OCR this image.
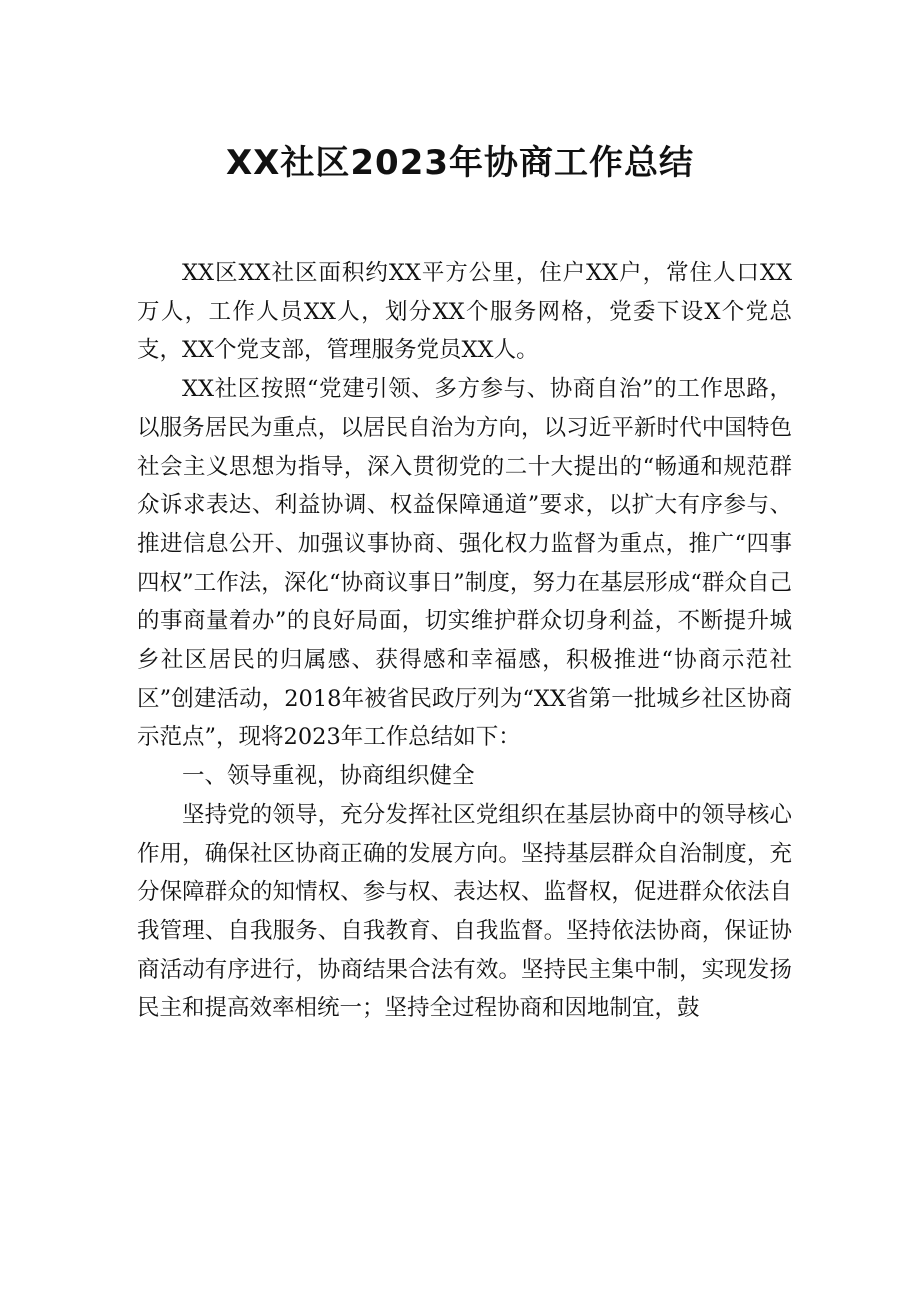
XX社区2023年协商工作总结

XX区XX社区面积约XX平方公里，住户XX户，常住人口XX万人，工作人员XX人，划分XX个服务网格，党委下设X个党总支，XX个党支部，管理服务党员XX人。

XX社区按照“党建引领、多方参与、协商自治”的工作思路，以服务居民为重点，以居民自治为方向，以习近平新时代中国特色社会主义思想为指导，深入贯彻党的二十大提出的“畅通和规范群众诉求表达、利益协调、权益保障通道”要求，以扩大有序参与、推进信息公开、加强议事协商、强化权力监督为重点，推广“四事四权”工作法，深化“协商议事日”制度，努力在基层形成“群众自己的事商量着办”的良好局面，切实维护群众切身利益，不断提升城乡社区居民的归属感、获得感和幸福感，积极推进“协商示范社区”创建活动，2018年被省民政厅列为“XX省第一批城乡社区协商示范点”，现将2023年工作总结如下：

一、领导重视，协商组织健全

坚持党的领导，充分发挥社区党组织在基层协商中的领导核心作用，确保社区协商正确的发展方向。坚持基层群众自治制度，充分保障群众的知情权、参与权、表达权、监督权，促进群众依法自我管理、自我服务、自我教育、自我监督。坚持依法协商，保证协商活动有序进行，协商结果合法有效。坚持民主集中制，实现发扬民主和提高效率相统一；坚持全过程协商和因地制宜，鼓
